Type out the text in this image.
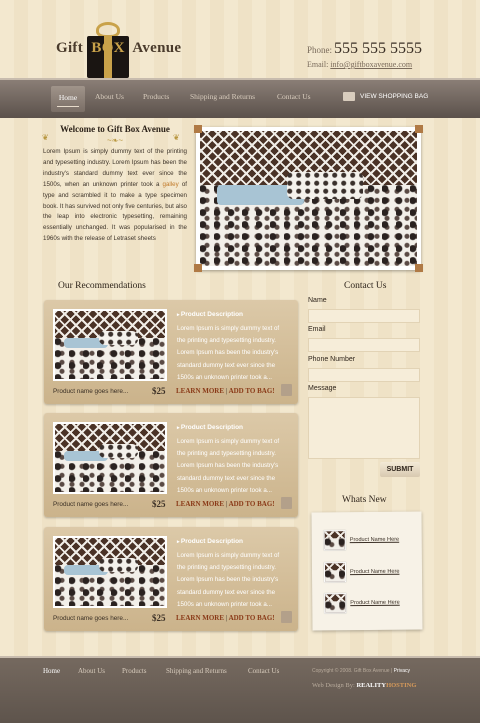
Gift BOX Avenue	Phone: 555 555 5555
Email: info@giftboxavenue.com
Home	About Us	Products	Shipping and Returns	Contact Us	VIEW SHOPPING BAG
❦	❦
Welcome to Gift Box Avenue
~❧~

Lorem Ipsum is simply dummy text of the printing and typesetting industry. Lorem Ipsum has been the industry's standard dummy text ever since the 1500s, when an unknown printer took a galley of type and scrambled it to make a type specimen book. It has survived not only five centuries, but also the leap into electronic typesetting, remaining essentially unchanged. It was popularised in the 1960s with the release of Letraset sheets

Our Recommendations
▸ Product Description
Lorem Ipsum is simply dummy text of the printing and typesetting industry. Lorem Ipsum has been the industry's standard dummy text ever since the 1500s an unknown printer took a...
Product name goes here...	$25 LEARN MORE | ADD TO BAG!
▸ Product Description
Lorem Ipsum is simply dummy text of the printing and typesetting industry. Lorem Ipsum has been the industry's standard dummy text ever since the 1500s an unknown printer took a...
Product name goes here...	$25 LEARN MORE | ADD TO BAG!
▸ Product Description
Lorem Ipsum is simply dummy text of the printing and typesetting industry. Lorem Ipsum has been the industry's standard dummy text ever since the 1500s an unknown printer took a...
Product name goes here...	$25 LEARN MORE | ADD TO BAG!
Contact Us
Name
Email
Phone Number
Message
SUBMIT
Whats New
Product Name Here
Product Name Here
Product Name Here
Home	About Us Products	Shipping and Returns	Contact Us	Copyright © 2008. Gift Box Avenue | Privacy
Web Design By: REALITYHOSTING
